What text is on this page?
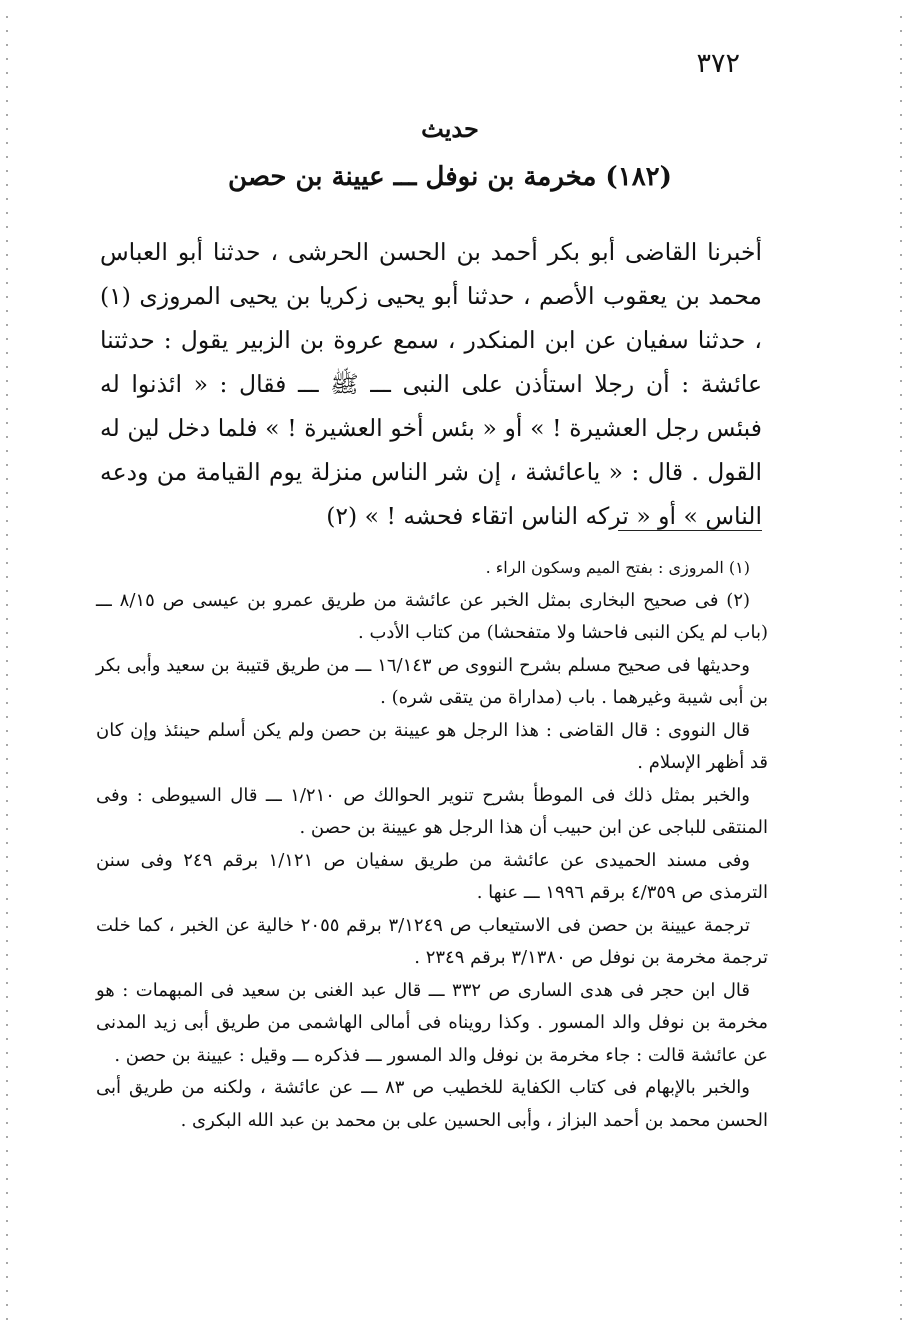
٣٧٢
حديث
(١٨٢) مخرمة بن نوفل ـــ عيينة بن حصن
أخبرنا القاضى أبو بكر أحمد بن الحسن الحرشى ، حدثنا أبو العباس محمد بن يعقوب الأصم ، حدثنا أبو يحيى زكريا بن يحيى المروزى (١) ، حدثنا سفيان عن ابن المنكدر ، سمع عروة بن الزبير يقول : حدثتنا عائشة : أن رجلا استأذن على النبى ـــ ﷺ ـــ فقال : « ائذنوا له فبئس رجل العشيرة ! » أو « بئس أخو العشيرة ! » فلما دخل لين له القول . قال : « ياعائشة ، إن شر الناس منزلة يوم القيامة من ودعه الناس » أو « تركه الناس اتقاء فحشه ! » (٢)

(١) المروزى : بفتح الميم وسكون الراء .

(٢) فى صحيح البخارى بمثل الخبر عن عائشة من طريق عمرو بن عيسى ص ٨/١٥ ـــ (باب لم يكن النبى فاحشا ولا متفحشا) من كتاب الأدب .

وحديثها فى صحيح مسلم بشرح النووى ص ١٦/١٤٣ ـــ من طريق قتيبة بن سعيد وأبى بكر بن أبى شيبة وغيرهما . باب (مداراة من يتقى شره) .

قال النووى : قال القاضى : هذا الرجل هو عيينة بن حصن ولم يكن أسلم حينئذ وإن كان قد أظهر الإسلام .

والخبر بمثل ذلك فى الموطأ بشرح تنوير الحوالك ص ١/٢١٠ ـــ قال السيوطى : وفى المنتقى للباجى عن ابن حبيب أن هذا الرجل هو عيينة بن حصن .

وفى مسند الحميدى عن عائشة من طريق سفيان ص ١/١٢١ برقم ٢٤٩ وفى سنن الترمذى ص ٤/٣٥٩ برقم ١٩٩٦ ـــ عنها .

ترجمة عيينة بن حصن فى الاستيعاب ص ٣/١٢٤٩ برقم ٢٠٥٥ خالية عن الخبر ، كما خلت ترجمة مخرمة بن نوفل ص ٣/١٣٨٠ برقم ٢٣٤٩ .

قال ابن حجر فى هدى السارى ص ٣٣٢ ـــ قال عبد الغنى بن سعيد فى المبهمات : هو مخرمة بن نوفل والد المسور . وكذا رويناه فى أمالى الهاشمى من طريق أبى زيد المدنى عن عائشة قالت : جاء مخرمة بن نوفل والد المسور ـــ فذكره ـــ وقيل : عيينة بن حصن .

والخبر بالإبهام فى كتاب الكفاية للخطيب ص ٨٣ ـــ عن عائشة ، ولكنه من طريق أبى الحسن محمد بن أحمد البزاز ، وأبى الحسين على بن محمد بن عبد الله البكرى .
